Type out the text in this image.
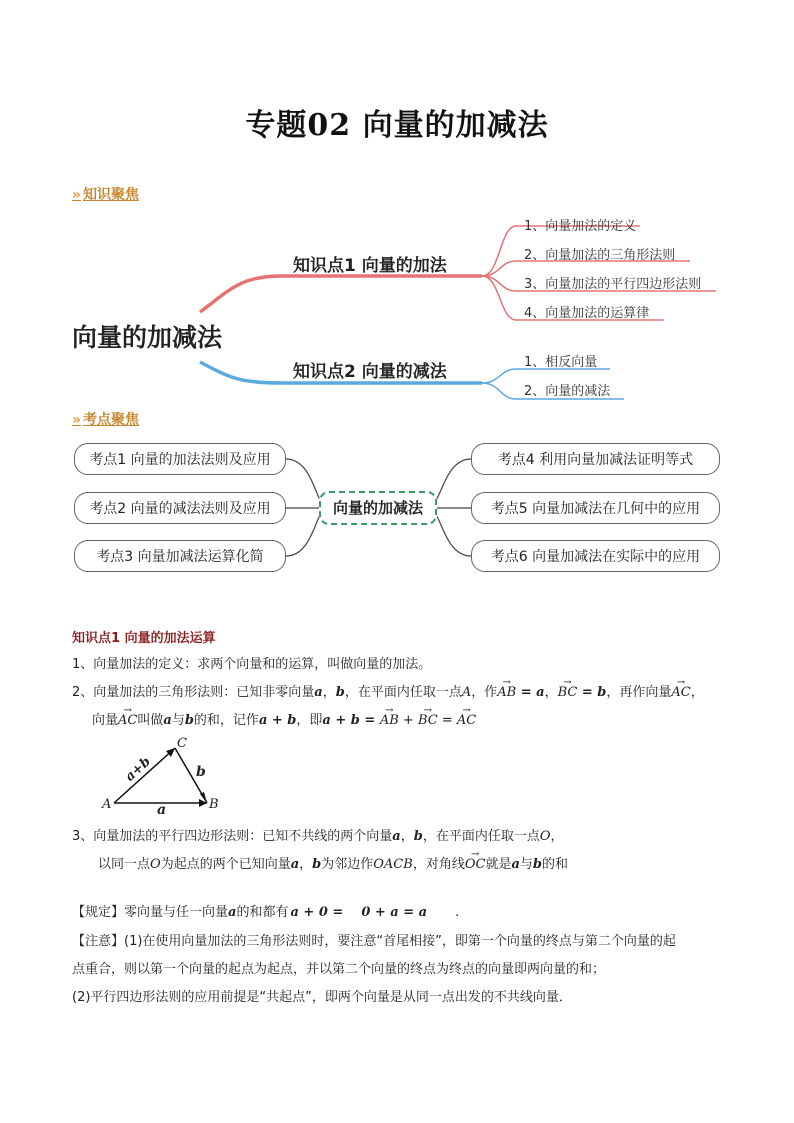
专题02 向量的加减法
» 知识聚焦
向量的加减法
知识点1 向量的加法
知识点2 向量的减法
1、向量加法的定义
2、向量加法的三角形法则
3、向量加法的平行四边形法则
4、向量加法的运算律
1、相反向量
2、向量的减法
» 考点聚焦
考点1 向量的加法法则及应用
考点2 向量的减法法则及应用
考点3 向量加减法运算化简
向量的加减法
考点4 利用向量加减法证明等式
考点5 向量加减法在几何中的应用
考点6 向量加减法在实际中的应用
知识点1 向量的加法运算
1、向量加法的定义：求两个向量和的运算，叫做向量的加法。
2、向量加法的三角形法则：已知非零向量a，b，在平面内任取一点A，作→ AB = a，→ BC = b，再作向量→ AC，
向量→ AC叫做a与b的和，记作a + b，即a + b = → AB + → BC = → AC
A	B
C
a
b
a+b
3、向量加法的平行四边形法则：已知不共线的两个向量a，b，在平面内任取一点O，
以同一点O为起点的两个已知向量a，b为邻边作OACB，对角线→ OC就是a与b的和
【规定】零向量与任一向量a的和都有 a + 0 = 0 + a = a .
【注意】(1)在使用向量加法的三角形法则时，要注意“首尾相接”，即第一个向量的终点与第二个向量的起
点重合，则以第一个向量的起点为起点，并以第二个向量的终点为终点的向量即两向量的和；
(2)平行四边形法则的应用前提是“共起点”，即两个向量是从同一点出发的不共线向量．
